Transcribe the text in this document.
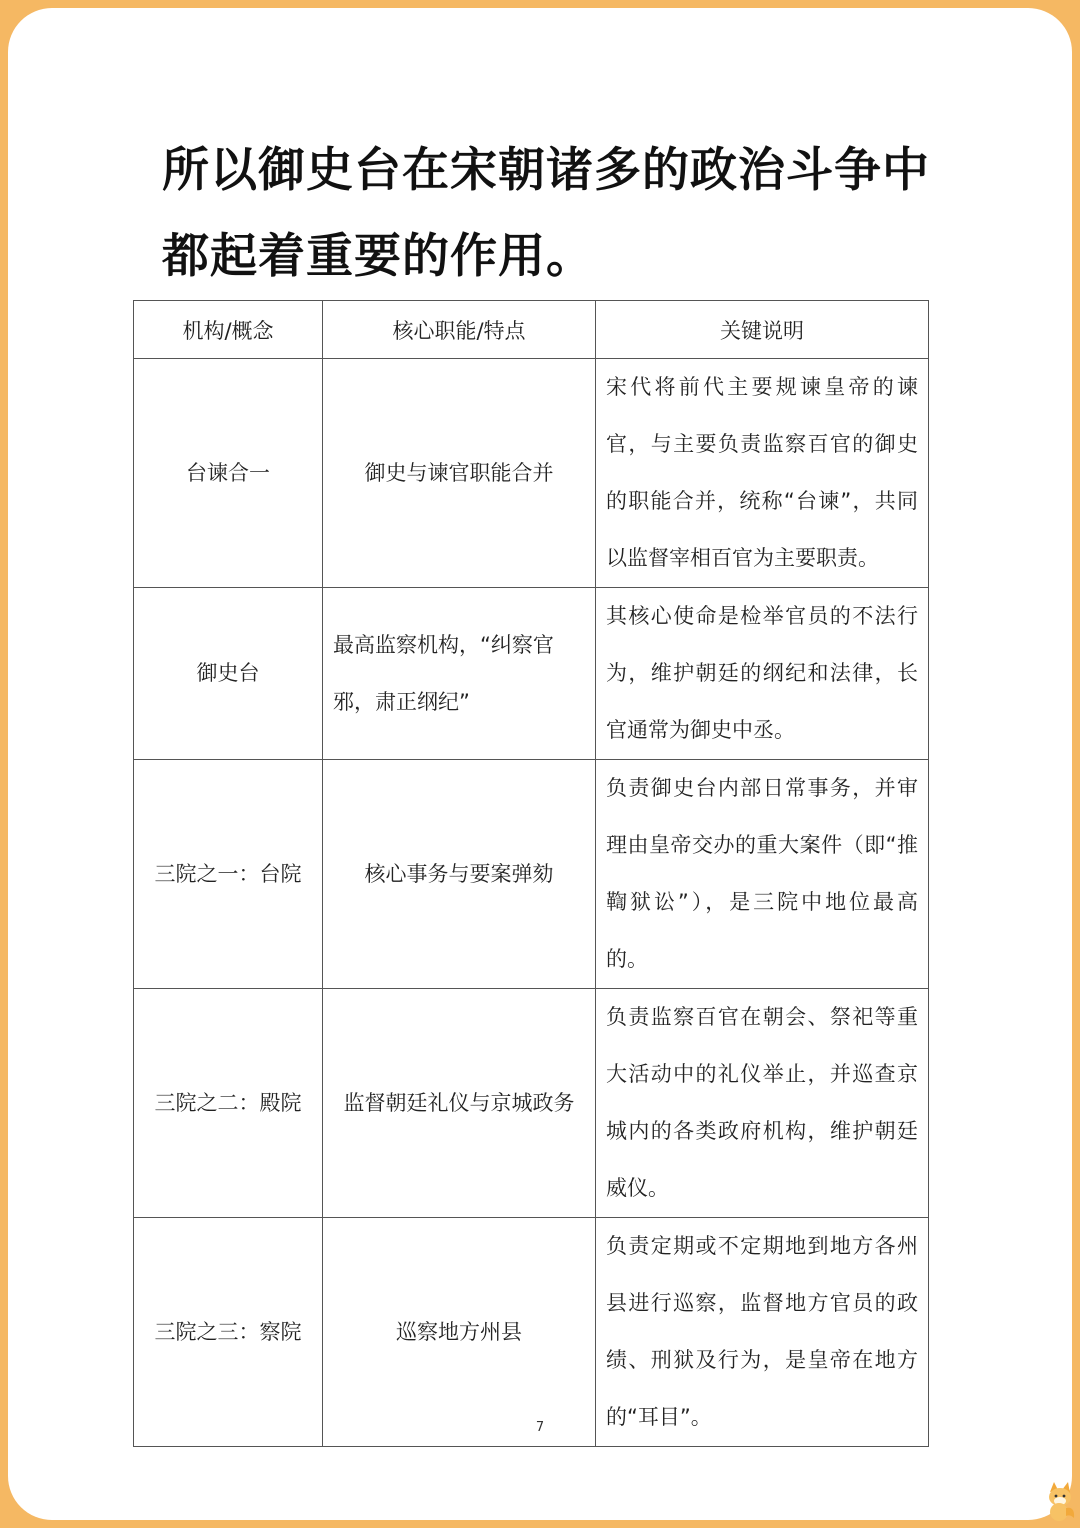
所以御史台在宋朝诸多的政治斗争中都起着重要的作用。
机构/概念	核心职能/特点	关键说明
台谏合一	御史与谏官职能合并	宋代将前代主要规谏皇帝的谏官，与主要负责监察百官的御史的职能合并，统称“台谏”，共同以监督宰相百官为主要职责。
御史台	最高监察机构，“纠察官邪，肃正纲纪”	其核心使命是检举官员的不法行为，维护朝廷的纲纪和法律，长官通常为御史中丞。
三院之一：台院	核心事务与要案弹劾	负责御史台内部日常事务，并审理由皇帝交办的重大案件（即“推鞫狱讼”），是三院中地位最高的。
三院之二：殿院	监督朝廷礼仪与京城政务	负责监察百官在朝会、祭祀等重大活动中的礼仪举止，并巡查京城内的各类政府机构，维护朝廷威仪。
三院之三：察院	巡察地方州县	负责定期或不定期地到地方各州县进行巡察，监督地方官员的政绩、刑狱及行为，是皇帝在地方的“耳目”。
7
